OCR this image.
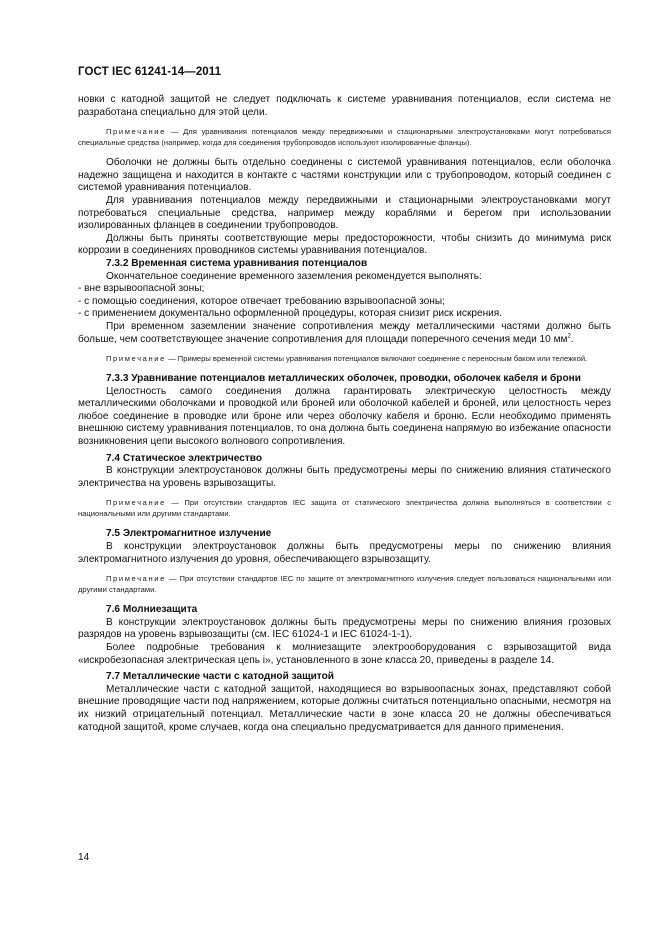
ГОСТ IEC 61241-14—2011

новки с катодной защитой не следует подключать к системе уравнивания потенциалов, если система не разработана специально для этой цели.

Примечание — Для уравнивания потенциалов между передвижными и стационарными электроустановками могут потребоваться специальные средства (например, когда для соединения трубопроводов используют изолированные фланцы).

Оболочки не должны быть отдельно соединены с системой уравнивания потенциалов, если оболочка надежно защищена и находится в контакте с частями конструкции или с трубопроводом, который соединен с системой уравнивания потенциалов.

Для уравнивания потенциалов между передвижными и стационарными электроустановками могут потребоваться специальные средства, например между кораблями и берегом при использовании изолированных фланцев в соединении трубопроводов.

Должны быть приняты соответствующие меры предосторожности, чтобы снизить до минимума риск коррозии в соединениях проводников системы уравнивания потенциалов.

7.3.2 Временная система уравнивания потенциалов

Окончательное соединение временного заземления рекомендуется выполнять:

- вне взрывоопасной зоны;

- с помощью соединения, которое отвечает требованию взрывоопасной зоны;

- с применением документально оформленной процедуры, которая снизит риск искрения.

При временном заземлении значение сопротивления между металлическими частями должно быть больше, чем соответствующее значение сопротивления для площади поперечного сечения меди 10 $мм^2$.

Примечание — Примеры временной системы уравнивания потенциалов включают соединение с переносным баком или тележкой.

7.3.3 Уравнивание потенциалов металлических оболочек, проводки, оболочек кабеля и брони

Целостность самого соединения должна гарантировать электрическую целостность между металлическими оболочками и проводкой или броней или оболочкой кабелей и броней, или целостность через любое соединение в проводке или броне или через оболочку кабеля и броню. Если необходимо применять внешнюю систему уравнивания потенциалов, то она должна быть соединена напрямую во избежание опасности возникновения цепи высокого волнового сопротивления.

7.4 Статическое электричество

В конструкции электроустановок должны быть предусмотрены меры по снижению влияния статического электричества на уровень взрывозащиты.

Примечание — При отсутствии стандартов IEC защита от статического электричества должна выполняться в соответствии с национальными или другими стандартами.

7.5 Электромагнитное излучение

В конструкции электроустановок должны быть предусмотрены меры по снижению влияния электромагнитного излучения до уровня, обеспечивающего взрывозащиту.

Примечание — При отсутствии стандартов IEC по защите от электромагнитного излучения следует пользоваться национальными или другими стандартами.

7.6 Молниезащита

В конструкции электроустановок должны быть предусмотрены меры по снижению влияния грозовых разрядов на уровень взрывозащиты (см. IEC 61024-1 и IEC 61024-1-1).

Более подробные требования к молниезащите электрооборудования с взрывозащитой вида «искробезопасная электрическая цепь i», установленного в зоне класса 20, приведены в разделе 14.

7.7 Металлические части с катодной защитой

Металлические части с катодной защитой, находящиеся во взрывоопасных зонах, представляют собой внешние проводящие части под напряжением, которые должны считаться потенциально опасными, несмотря на их низкий отрицательный потенциал. Металлические части в зоне класса 20 не должны обеспечиваться катодной защитой, кроме случаев, когда она специально предусматривается для данного применения.

14
